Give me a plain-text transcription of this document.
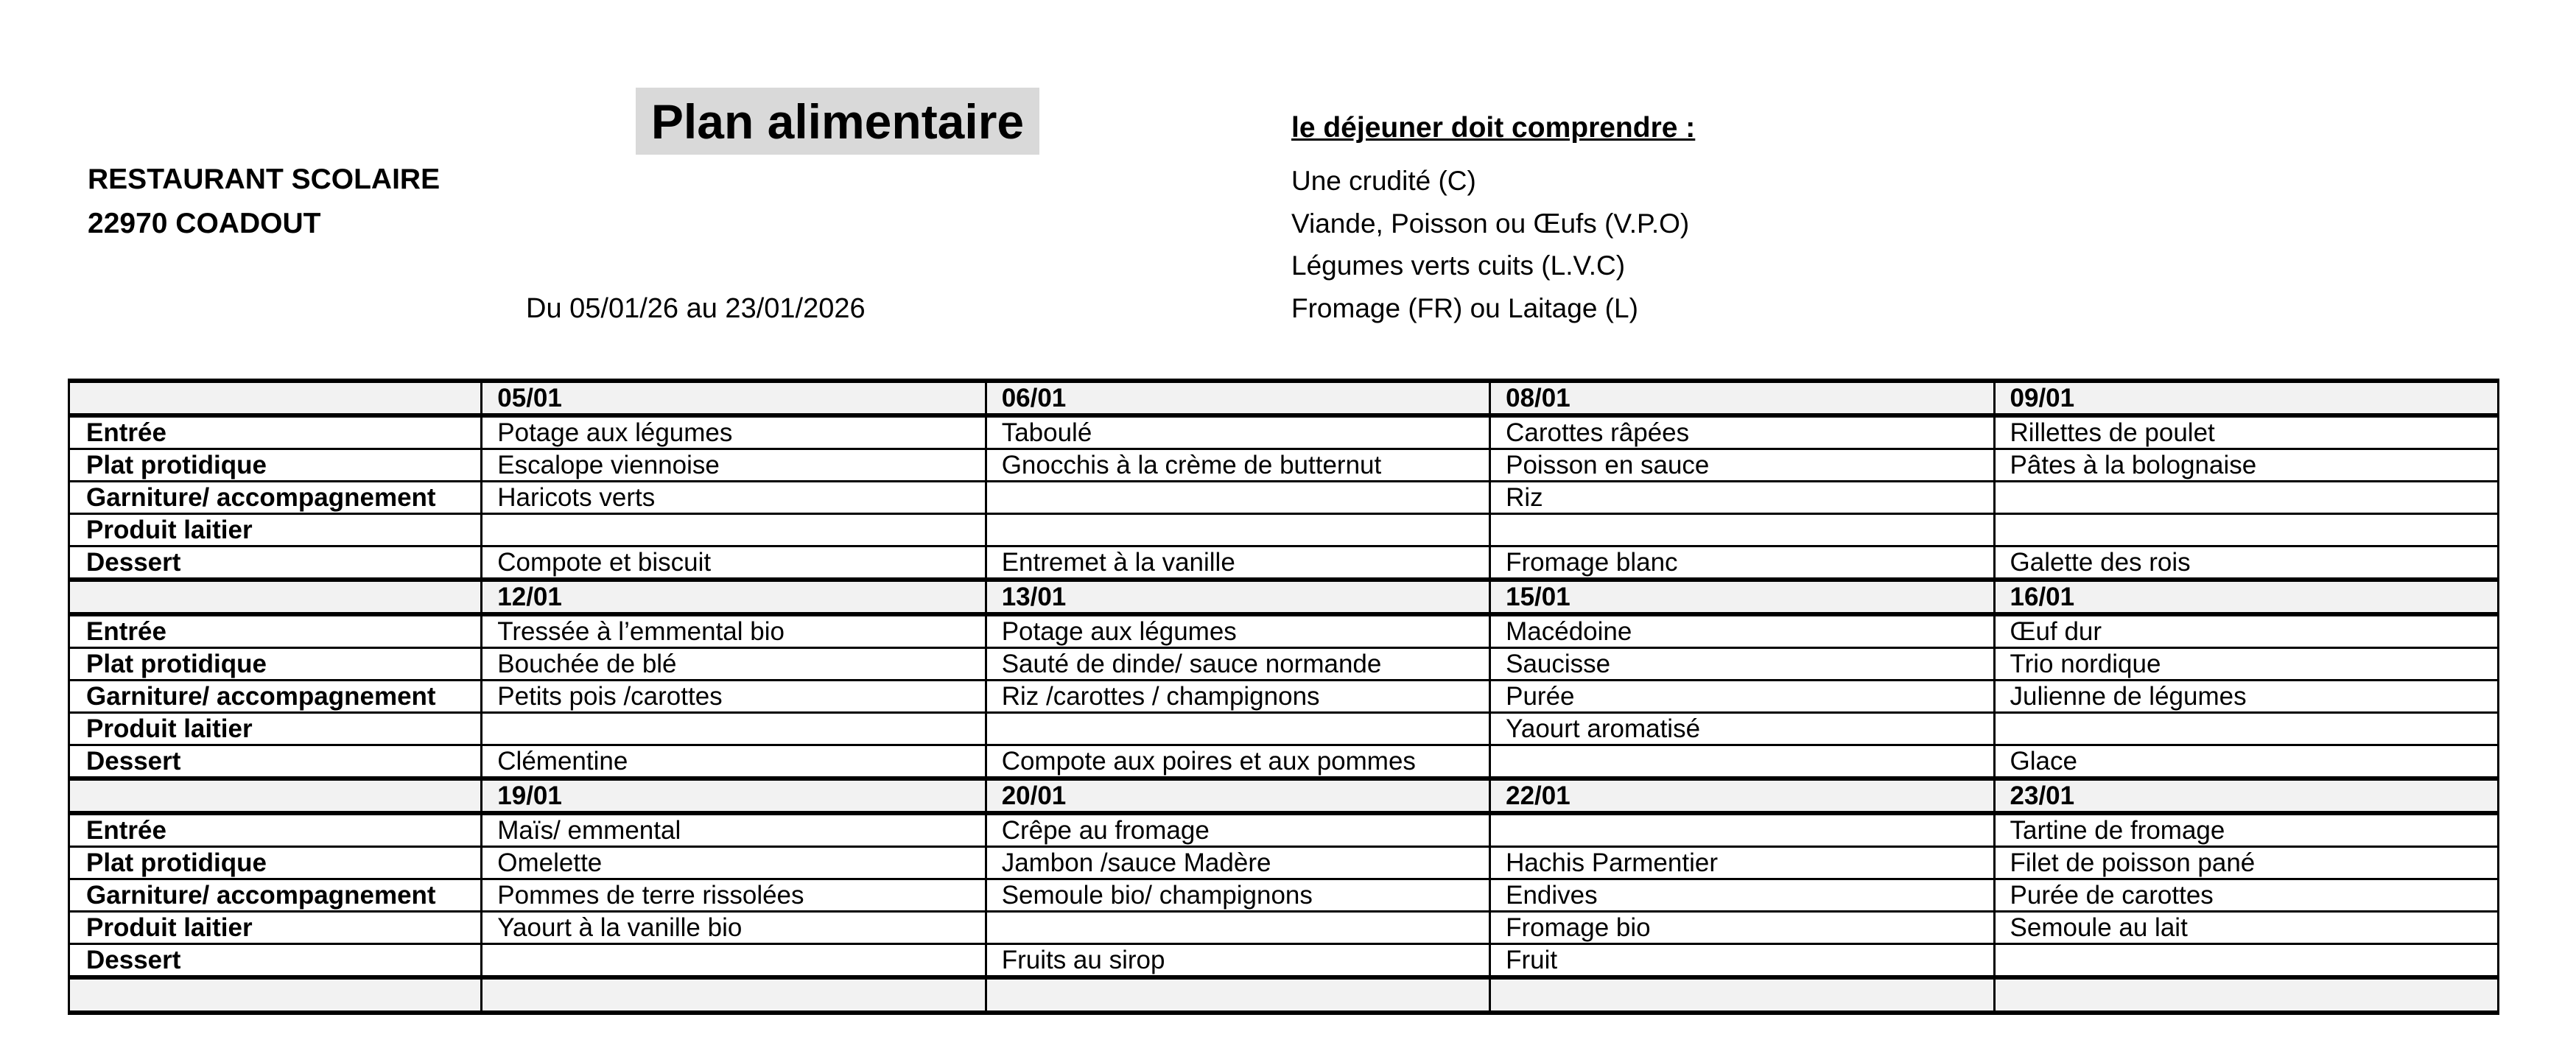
Plan alimentaire
RESTAURANT SCOLAIRE
22970 COADOUT
Du 05/01/26 au 23/01/2026
le déjeuner doit comprendre :
Une crudité (C)
Viande, Poisson ou Œufs (V.P.O)
Légumes verts cuits (L.V.C)
Fromage (FR) ou Laitage (L)
	05/01	06/01	08/01	09/01
Entrée	Potage aux légumes	Taboulé	Carottes râpées	Rillettes de poulet
Plat protidique	Escalope viennoise	Gnocchis à la crème de butternut	Poisson en sauce	Pâtes à la bolognaise
Garniture/ accompagnement	Haricots verts		Riz	
Produit laitier				
Dessert	Compote et biscuit	Entremet à la vanille	Fromage blanc	Galette des rois
	12/01	13/01	15/01	16/01
Entrée	Tressée à l’emmental bio	Potage aux légumes	Macédoine	Œuf dur
Plat protidique	Bouchée de blé	Sauté de dinde/ sauce normande	Saucisse	Trio nordique
Garniture/ accompagnement	Petits pois /carottes	Riz /carottes / champignons	Purée	Julienne de légumes
Produit laitier			Yaourt aromatisé	
Dessert	Clémentine	Compote aux poires et aux pommes		Glace
	19/01	20/01	22/01	23/01
Entrée	Maïs/ emmental	Crêpe au fromage		Tartine de fromage
Plat protidique	Omelette	Jambon /sauce Madère	Hachis Parmentier	Filet de poisson pané
Garniture/ accompagnement	Pommes de terre rissolées	Semoule bio/ champignons	Endives	Purée de carottes
Produit laitier	Yaourt à la vanille bio		Fromage bio	Semoule au lait
Dessert		Fruits au sirop	Fruit	
